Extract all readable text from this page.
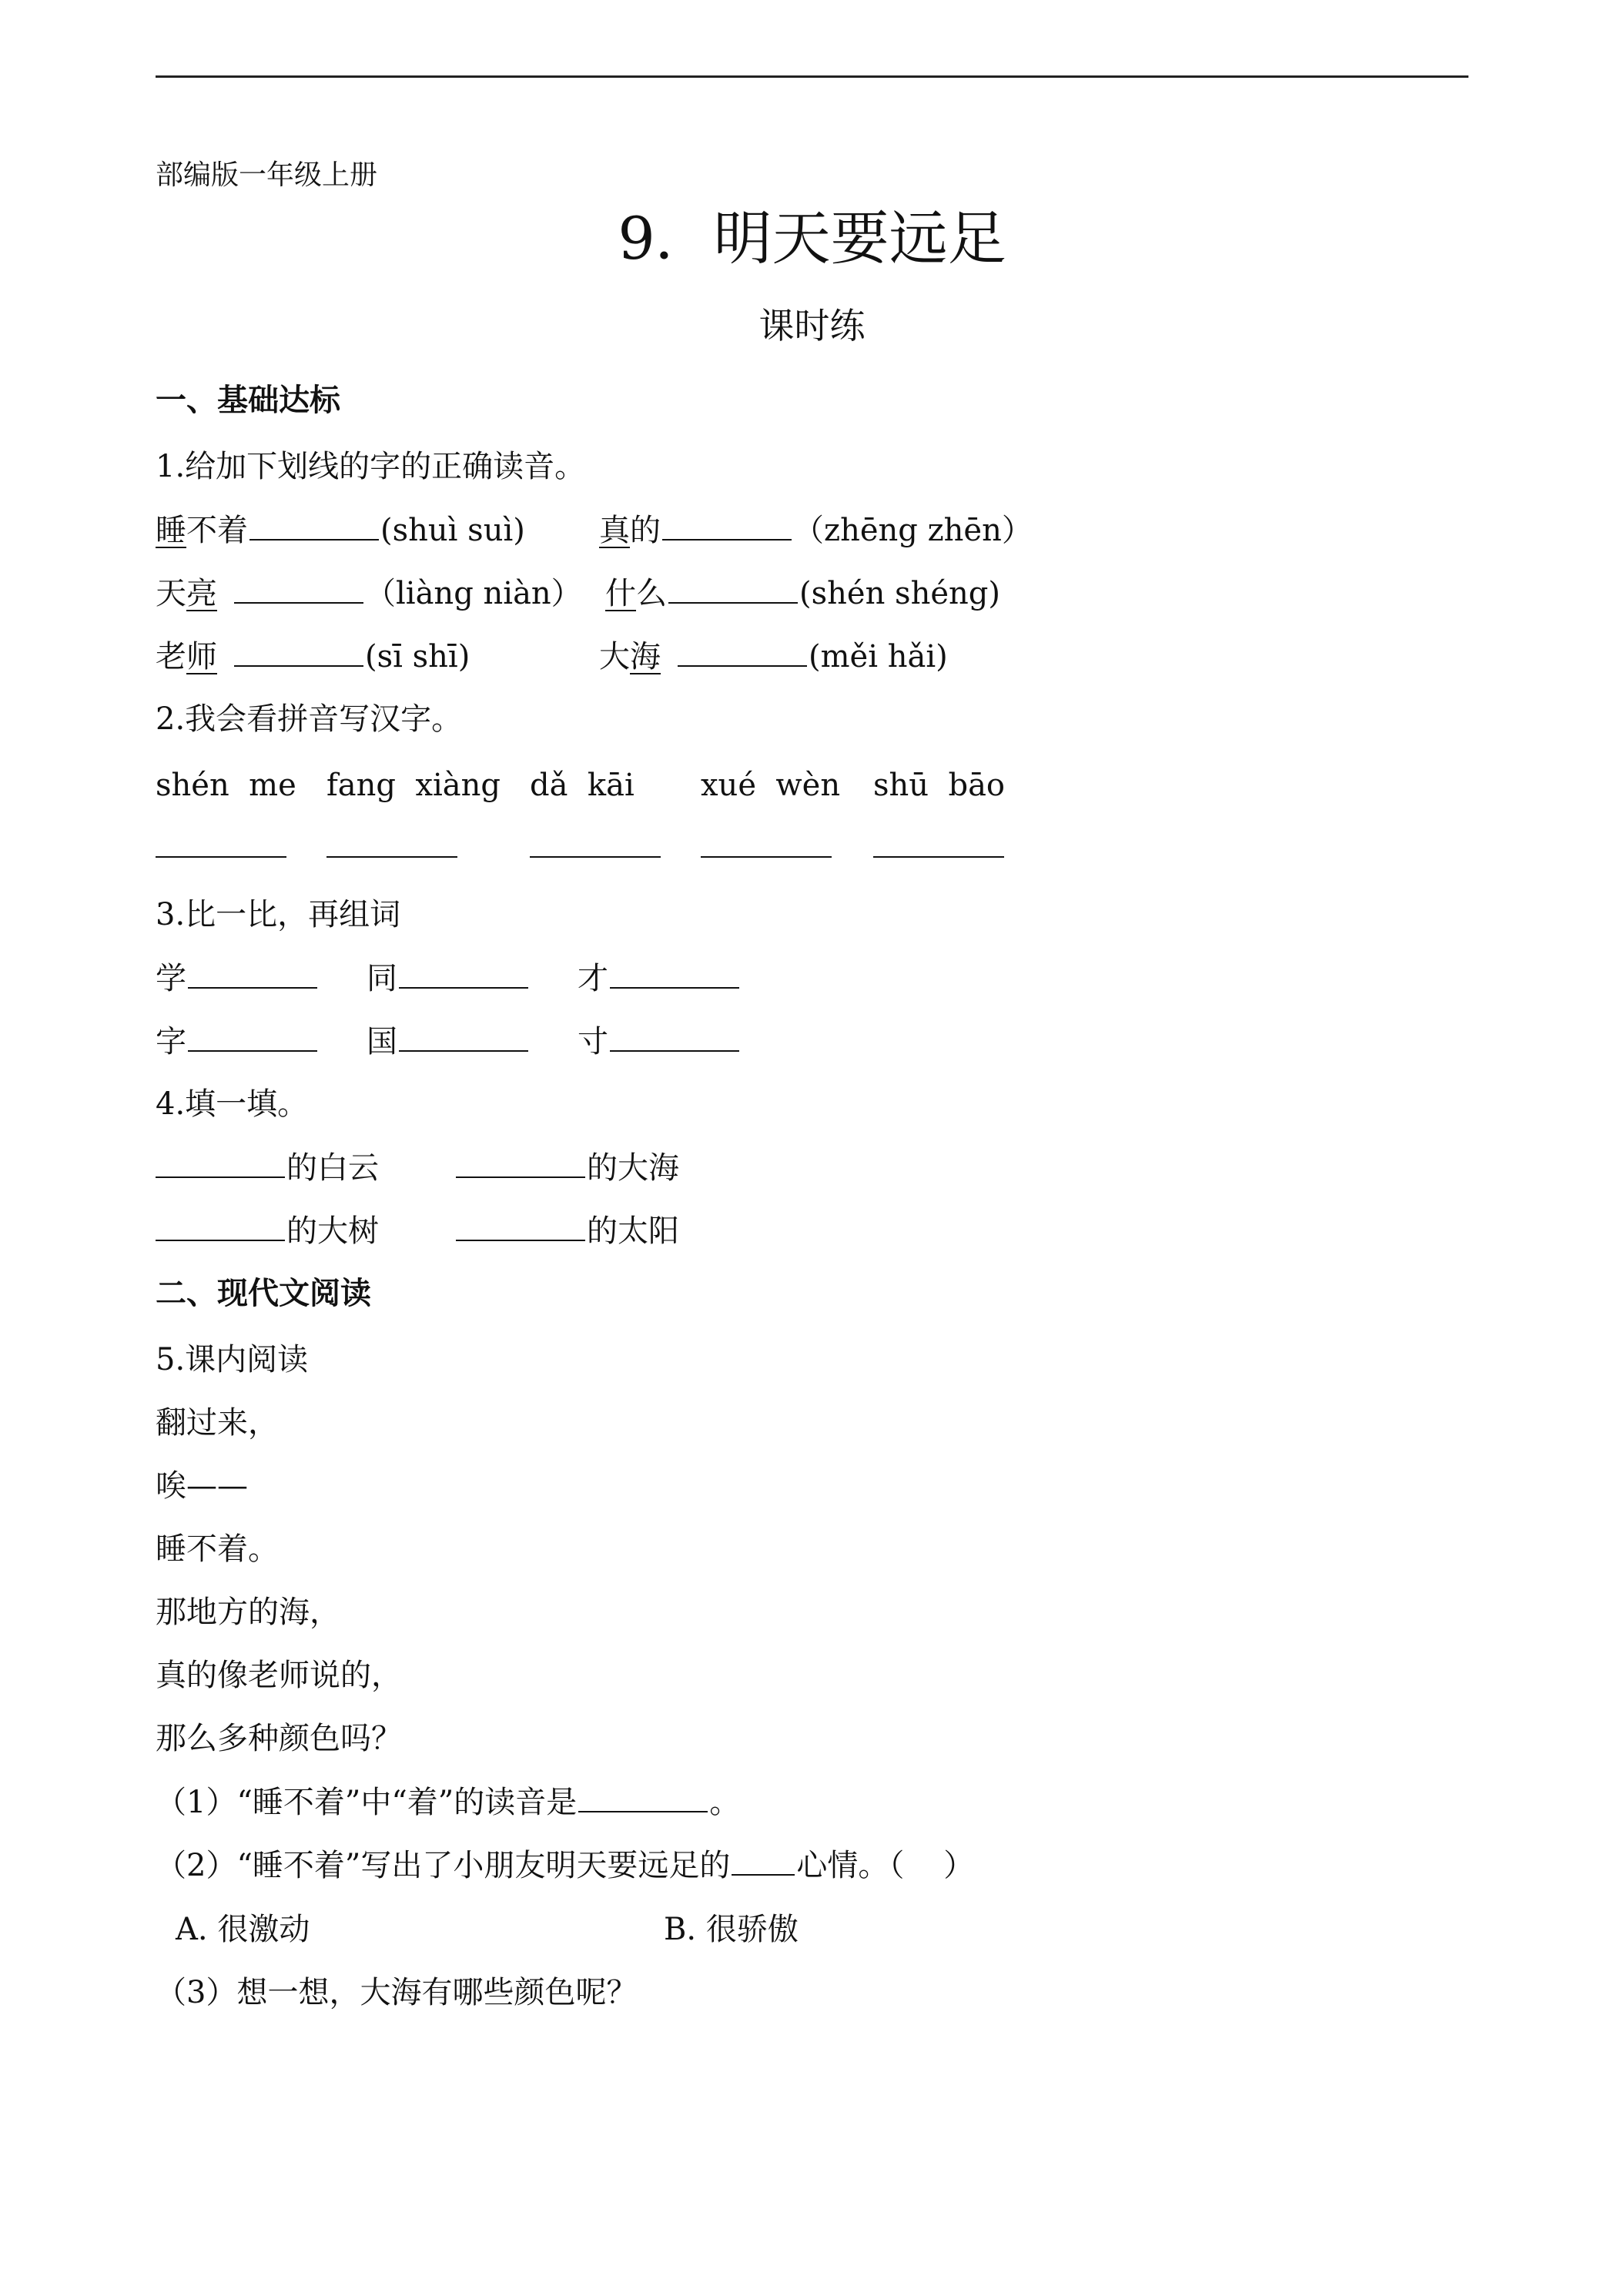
部编版一年级上册
9．明天要远足
课时练
一、基础达标
1.给加下划线的字的正确读音。
睡 不着	(shuì suì) 真 的	（zhēng zhēn）
天 亮	（liàng niàn） 什 么	(shén shéng)
老 师	(sī shī)	大 海	(měi hǎi)
2.我会看拼音写汉字。
shén  me fang  xiàng dǎ  kāi xué  wèn shū  bāo
3.比一比，再组词
学	同	才
字	国	寸
4.填一填。
的白云	的大海
的大树	的太阳
二、现代文阅读
5.课内阅读
翻过来，
唉——
睡不着。
那地方的海，
真的像老师说的，
那么多种颜色吗？
（1）“睡不着”中“着”的读音是	。
（2）“睡不着”写出了小朋友明天要远足的 心情。（    ）
A. 很激动	B. 很骄傲
（3）想一想，大海有哪些颜色呢？
